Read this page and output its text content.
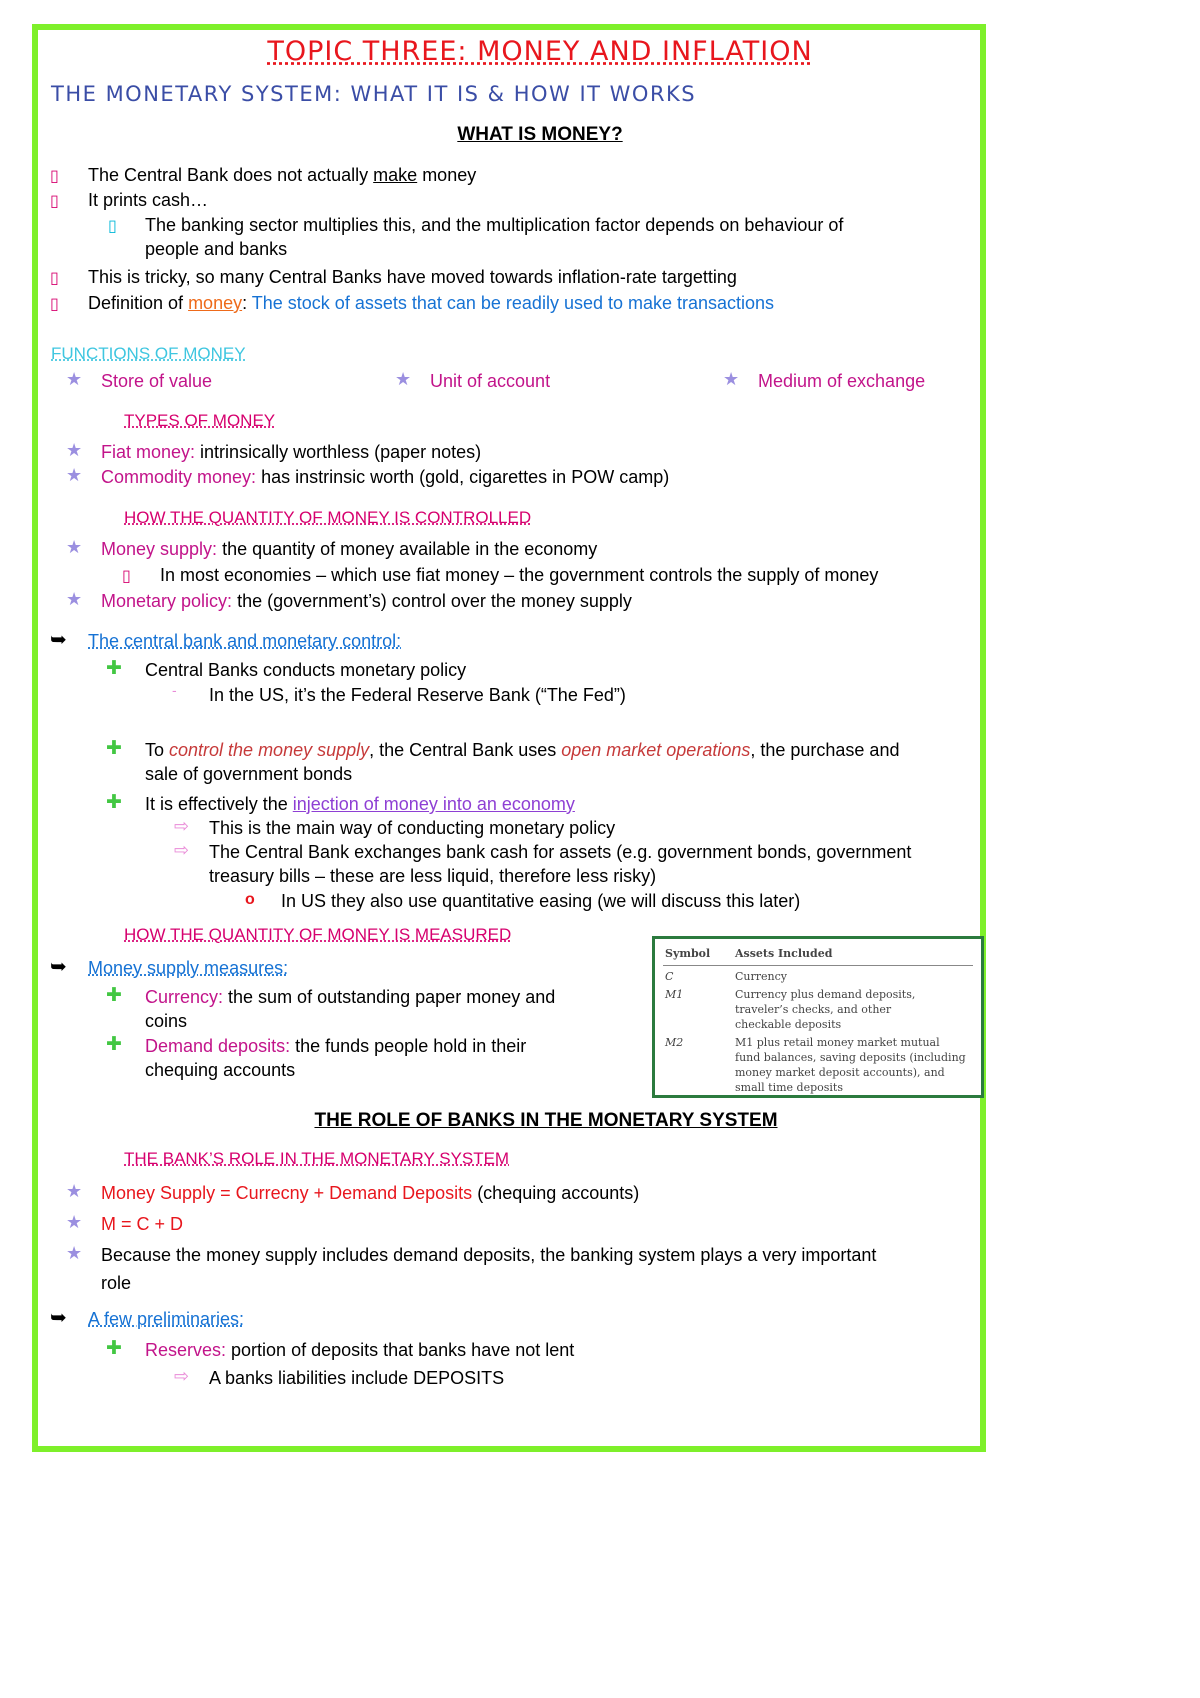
TOPIC THREE: MONEY AND INFLATION
THE MONETARY SYSTEM: WHAT IT IS & HOW IT WORKS
WHAT IS MONEY?
▯ The Central Bank does not actually make money
▯ It prints cash…
▯ The banking sector multiplies this, and the multiplication factor depends on behaviour of
people and banks
▯ This is tricky, so many Central Banks have moved towards inflation-rate targetting
▯ Definition of money: The stock of assets that can be readily used to make transactions
FUNCTIONS OF MONEY
★ Store of value	★ Unit of account	★ Medium of exchange
TYPES OF MONEY
★ Fiat money: intrinsically worthless (paper notes)
★ Commodity money: has instrinsic worth (gold, cigarettes in POW camp)
HOW THE QUANTITY OF MONEY IS CONTROLLED
★ Money supply: the quantity of money available in the economy
▯ In most economies – which use fiat money – the government controls the supply of money
★ Monetary policy: the (government’s) control over the money supply
➥ The central bank and monetary control:
✚ Central Banks conducts monetary policy
- In the US, it’s the Federal Reserve Bank (“The Fed”)
✚ To control the money supply, the Central Bank uses open market operations, the purchase and
sale of government bonds
✚ It is effectively the injection of money into an economy
⇨ This is the main way of conducting monetary policy
⇨ The Central Bank exchanges bank cash for assets (e.g. government bonds, government
treasury bills – these are less liquid, therefore less risky)
o In US they also use quantitative easing (we will discuss this later)
HOW THE QUANTITY OF MONEY IS MEASURED
➥ Money supply measures:
✚ Currency: the sum of outstanding paper money and
coins
✚ Demand deposits: the funds people hold in their
chequing accounts
Symbol Assets Included
C	Currency
M1	Currency plus demand deposits,
traveler’s checks, and other
checkable deposits
M2	M1 plus retail money market mutual
fund balances, saving deposits (including
money market deposit accounts), and
small time deposits
THE ROLE OF BANKS IN THE MONETARY SYSTEM
THE BANK’S ROLE IN THE MONETARY SYSTEM
★ Money Supply = Currecny + Demand Deposits (chequing accounts)
★ M = C + D
★ Because the money supply includes demand deposits, the banking system plays a very important
role
➥ A few preliminaries:
✚ Reserves: portion of deposits that banks have not lent
⇨ A banks liabilities include DEPOSITS
